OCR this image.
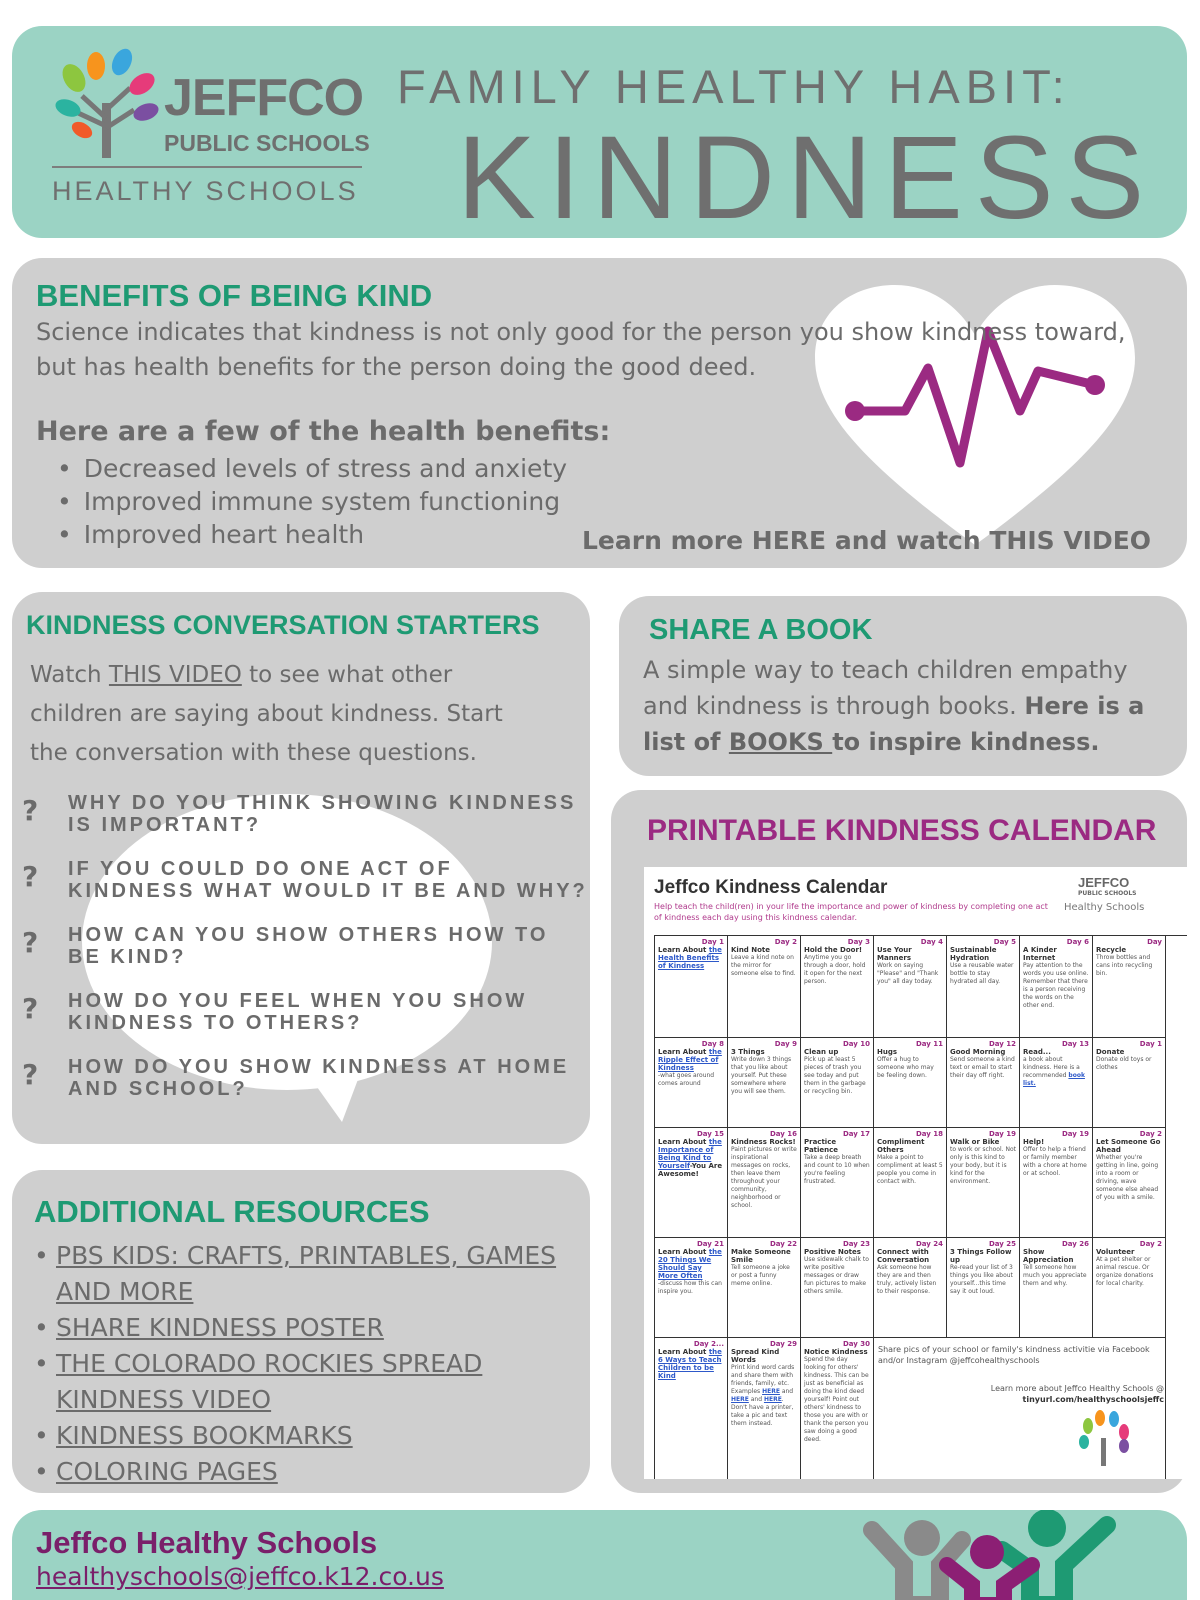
JEFFCO
PUBLIC SCHOOLS
HEALTHY SCHOOLS
FAMILY HEALTHY HABIT:
KINDNESS
BENEFITS OF BEING KIND
Science indicates that kindness is not only good for the person you show kindness toward, but has health benefits for the person doing the good deed.
Here are a few of the health benefits:
• Decreased levels of stress and anxiety
• Improved immune system functioning
• Improved heart health	Learn more HERE and watch THIS VIDEO
KINDNESS CONVERSATION STARTERS
Watch THIS VIDEO to see what other children are saying about kindness. Start the conversation with these questions.
? WHY DO YOU THINK SHOWING KINDNESS IS IMPORTANT?
? IF YOU COULD DO ONE ACT OF KINDNESS WHAT WOULD IT BE AND WHY?
? HOW CAN YOU SHOW OTHERS HOW TO BE KIND?
? HOW DO YOU FEEL WHEN YOU SHOW KINDNESS TO OTHERS?
? HOW DO YOU SHOW KINDNESS AT HOME AND SCHOOL?
SHARE A BOOK
A simple way to teach children empathy and kindness is through books. Here is a list of BOOKS to inspire kindness.
PRINTABLE KINDNESS CALENDAR
Jeffco Kindness Calendar
Help teach the child(ren) in your life the importance and power of kindness by completing one act of kindness each day using this kindness calendar.
JEFFCO
PUBLIC SCHOOLS
Healthy Schools
Day 1
Learn About the Health Benefits of Kindness
Day 2
Kind Note
Leave a kind note on the mirror for someone else to find.
Day 3
Hold the Door!
Anytime you go through a door, hold it open for the next person.
Day 4
Use Your Manners
Work on saying "Please" and "Thank you" all day today.
Day 5
Sustainable Hydration
Use a reusable water bottle to stay hydrated all day.
Day 6
A Kinder Internet
Pay attention to the words you use online. Remember that there is a person receiving the words on the other end.
Day
Recycle
Throw bottles and cans into recycling bin.
Day 8
Learn About the Ripple Effect of Kindness
-what goes around comes around
Day 9
3 Things
Write down 3 things that you like about yourself. Put these somewhere where you will see them.
Day 10
Clean up
Pick up at least 5 pieces of trash you see today and put them in the garbage or recycling bin.
Day 11
Hugs
Offer a hug to someone who may be feeling down.
Day 12
Good Morning
Send someone a kind text or email to start their day off right.
Day 13
Read...
a book about kindness. Here is a recommended book list.
Day 1
Donate
Donate old toys or clothes
Day 15
Learn About the Importance of Being Kind to Yourself-You Are Awesome!
Day 16
Kindness Rocks!
Paint pictures or write inspirational messages on rocks, then leave them throughout your community, neighborhood or school.
Day 17
Practice Patience
Take a deep breath and count to 10 when you're feeling frustrated.
Day 18
Compliment Others
Make a point to compliment at least 5 people you come in contact with.
Day 19
Walk or Bike
to work or school. Not only is this kind to your body, but it is kind for the environment.
Day 19
Help!
Offer to help a friend or family member with a chore at home or at school.
Day 2
Let Someone Go Ahead
Whether you're getting in line, going into a room or driving, wave someone else ahead of you with a smile.
Day 21
Learn About the 20 Things We Should Say More Often
-discuss how this can inspire you.
Day 22
Make Someone Smile
Tell someone a joke or post a funny meme online.
Day 23
Positive Notes
Use sidewalk chalk to write positive messages or draw fun pictures to make others smile.
Day 24
Connect with Conversation
Ask someone how they are and then truly, actively listen to their response.
Day 25
3 Things Follow up
Re-read your list of 3 things you like about yourself...this time say it out loud.
Day 26
Show Appreciation
Tell someone how much you appreciate them and why.
Day 2
Volunteer
At a pet shelter or animal rescue. Or organize donations for local charity.
Day 2...
Learn About the 6 Ways to Teach Children to be Kind
Day 29
Spread Kind Words
Print kind word cards and share them with friends, family, etc. Examples HERE and HERE and HERE. Don't have a printer, take a pic and text them instead.
Day 30
Notice Kindness
Spend the day looking for others' kindness. This can be just as beneficial as doing the kind deed yourself! Point out others' kindness to those you are with or thank the person you saw doing a good deed.
Share pics of your school or family's kindness activitie via Facebook and/or Instagram @jeffcohealthyschools
Learn more about Jeffco Healthy Schools @
tinyurl.com/healthyschoolsjeffc
ADDITIONAL RESOURCES
• PBS KIDS: CRAFTS, PRINTABLES, GAMES AND MORE
• SHARE KINDNESS POSTER
• THE COLORADO ROCKIES SPREAD KINDNESS VIDEO
• KINDNESS BOOKMARKS
• COLORING PAGES
Jeffco Healthy Schools
healthyschools@jeffco.k12.co.us
